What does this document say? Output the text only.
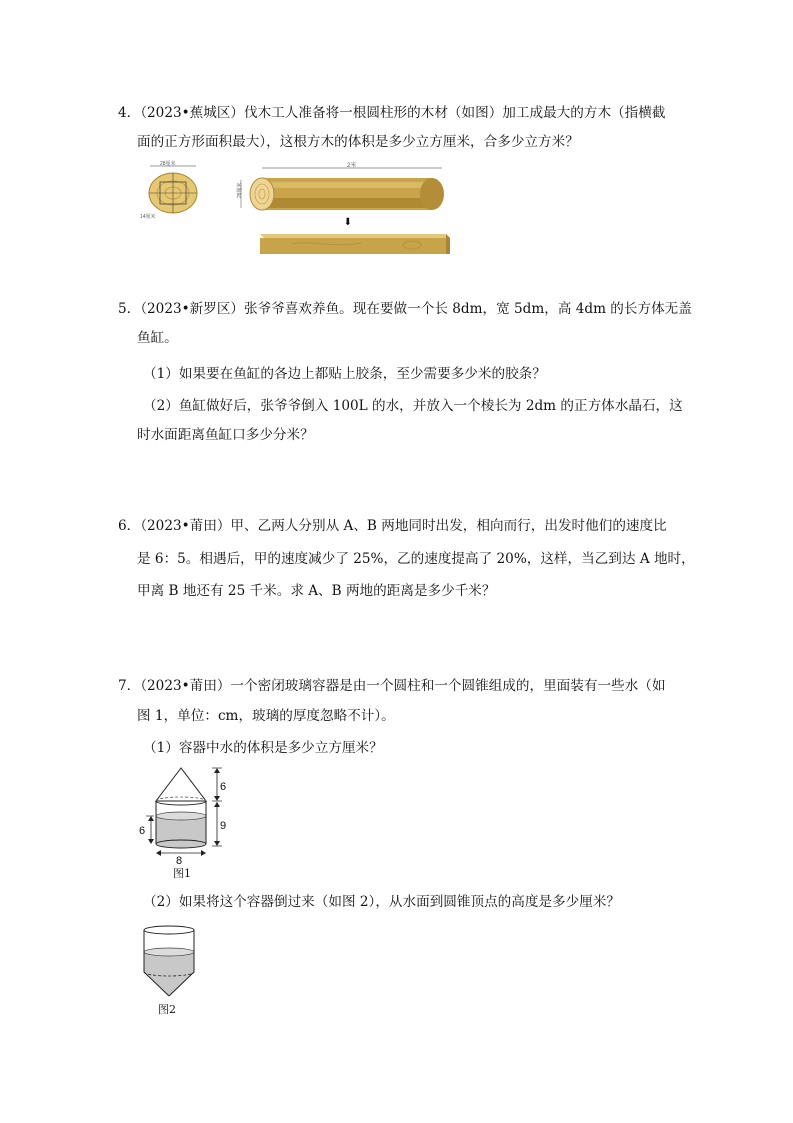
4．（2023•蕉城区）伐木工人准备将一根圆柱形的木材（如图）加工成最大的方木（指横截
面的正方形面积最大），这根方木的体积是多少立方厘米，合多少立方米？
28厘米
14厘米
2米
28厘米
⬇
5．（2023•新罗区）张爷爷喜欢养鱼。现在要做一个长 8dm，宽 5dm，高 4dm 的长方体无盖
鱼缸。
（1）如果要在鱼缸的各边上都贴上胶条，至少需要多少米的胶条？
（2）鱼缸做好后，张爷爷倒入 100L 的水，并放入一个棱长为 2dm 的正方体水晶石，这
时水面距离鱼缸口多少分米？
6．（2023•莆田）甲、乙两人分别从 A、B 两地同时出发，相向而行，出发时他们的速度比
是 6：5。相遇后，甲的速度减少了 25%，乙的速度提高了 20%，这样，当乙到达 A 地时，
甲离 B 地还有 25 千米。求 A、B 两地的距离是多少千米？
7．（2023•莆田）一个密闭玻璃容器是由一个圆柱和一个圆锥组成的，里面装有一些水（如
图 1，单位：cm，玻璃的厚度忽略不计）。
（1）容器中水的体积是多少立方厘米？
6
9
6
8
图1
（2）如果将这个容器倒过来（如图 2），从水面到圆锥顶点的高度是多少厘米？
图2
